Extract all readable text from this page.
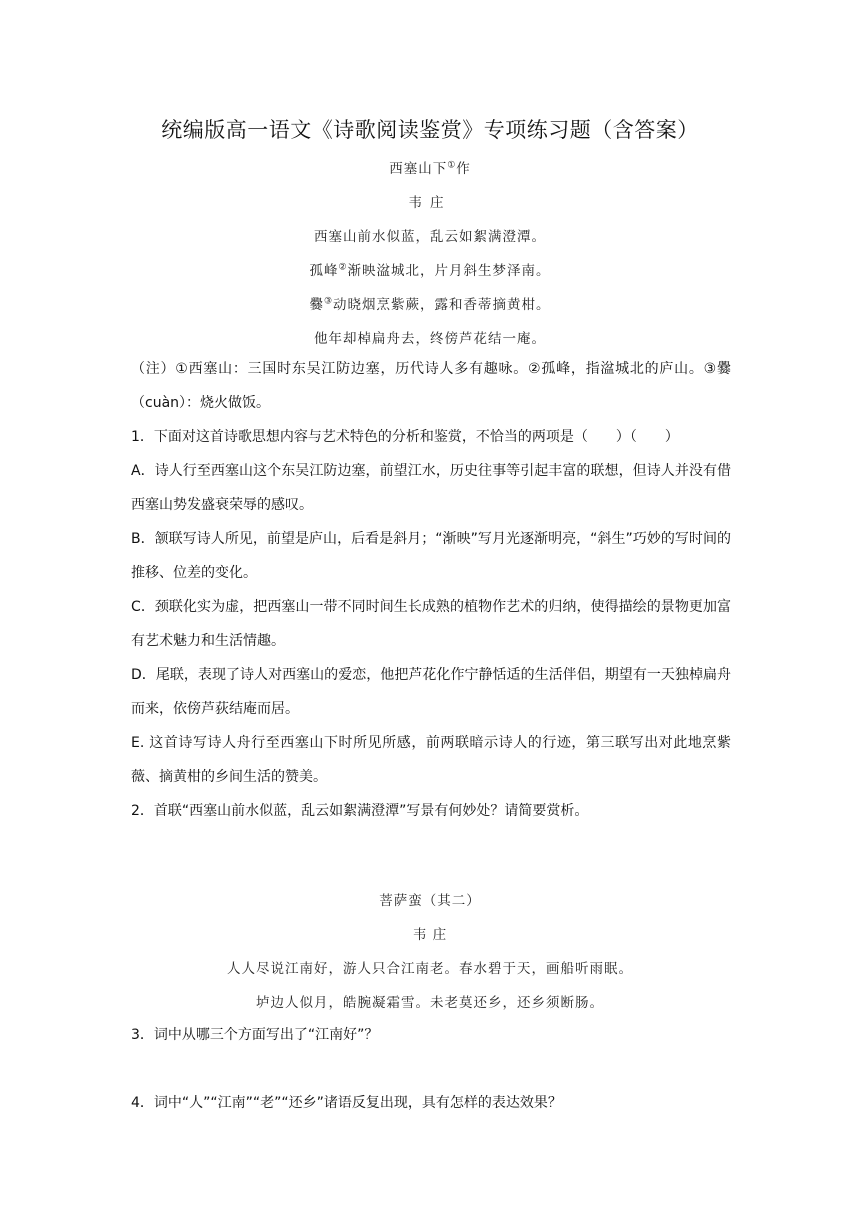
统编版高一语文《诗歌阅读鉴赏》专项练习题（含答案）
西塞山下①作
韦庄
西塞山前水似蓝，乱云如絮满澄潭。
孤峰②渐映湓城北，片月斜生梦泽南。
爨③动晓烟烹紫蕨，露和香蒂摘黄柑。
他年却棹扁舟去，终傍芦花结一庵。
（注）①西塞山：三国时东吴江防边塞，历代诗人多有趣咏。②孤峰，指湓城北的庐山。③爨（cuàn）：烧火做饭。
1．下面对这首诗歌思想内容与艺术特色的分析和鉴赏，不恰当的两项是（　　）（　　）
A．诗人行至西塞山这个东吴江防边塞，前望江水，历史往事等引起丰富的联想，但诗人并没有借西塞山势发盛衰荣辱的感叹。
B．颔联写诗人所见，前望是庐山，后看是斜月；“渐映”写月光逐渐明亮，“斜生”巧妙的写时间的推移、位差的变化。
C．颈联化实为虚，把西塞山一带不同时间生长成熟的植物作艺术的归纳，使得描绘的景物更加富有艺术魅力和生活情趣。
D．尾联，表现了诗人对西塞山的爱恋，他把芦花化作宁静恬适的生活伴侣，期望有一天独棹扁舟而来，依傍芦荻结庵而居。
E. 这首诗写诗人舟行至西塞山下时所见所感，前两联暗示诗人的行迹，第三联写出对此地烹紫薇、摘黄柑的乡间生活的赞美。
2．首联“西塞山前水似蓝，乱云如絮满澄潭”写景有何妙处？请简要赏析。
菩萨蛮（其二）
韦 庄
人人尽说江南好，游人只合江南老。春水碧于天，画船听雨眠。
垆边人似月，皓腕凝霜雪。未老莫还乡，还乡须断肠。
3．词中从哪三个方面写出了“江南好”？
4．词中“人”“江南”“老”“还乡”诸语反复出现，具有怎样的表达效果？
